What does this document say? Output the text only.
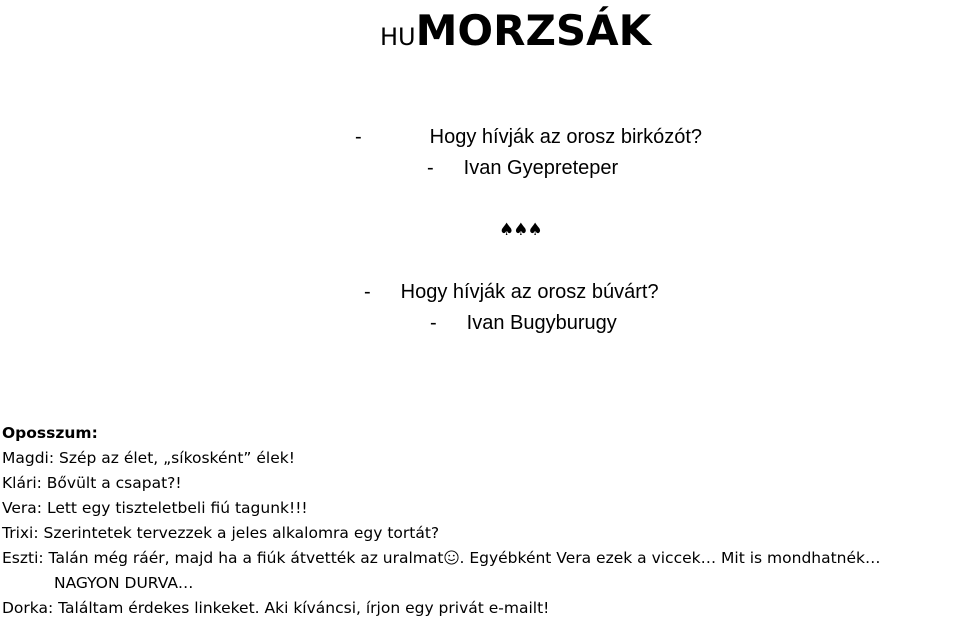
HUMORZSÁK
-	Hogy hívják az orosz birkózót?
- Ivan Gyepreteper
♠♠♠
- Hogy hívják az orosz búvárt?
- Ivan Bugyburugy
Oposszum:
Magdi: Szép az élet, „síkosként” élek!
Klári: Bővült a csapat?!
Vera: Lett egy tiszteletbeli fiú tagunk!!!
Trixi: Szerintetek tervezzek a jeles alkalomra egy tortát?
Eszti: Talán még ráér, majd ha a fiúk átvették az uralmat . Egyébként Vera ezek a viccek… Mit is mondhatnék…
NAGYON DURVA…
Dorka: Találtam érdekes linkeket. Aki kíváncsi, írjon egy privát e-mailt!
